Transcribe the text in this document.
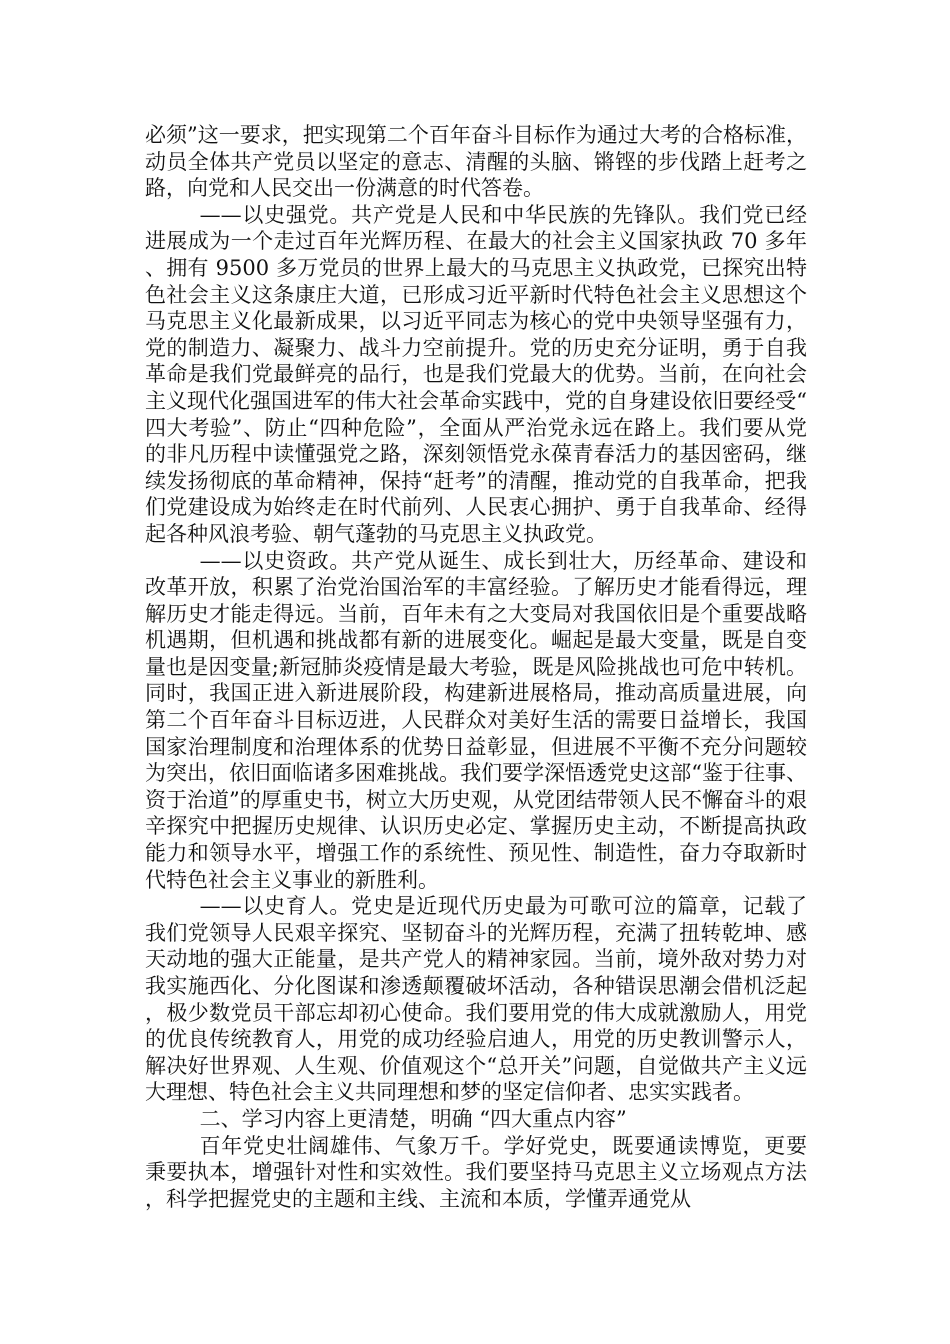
必须”这一要求，把实现第二个百年奋斗目标作为通过大考的合格标准，动员全体共产党员以坚定的意志、清醒的头脑、锵铿的步伐踏上赶考之路，向党和人民交出一份满意的时代答卷。

——以史强党。共产党是人民和中华民族的先锋队。我们党已经进展成为一个走过百年光辉历程、在最大的社会主义国家执政 70 多年、拥有 9500 多万党员的世界上最大的马克思主义执政党，已探究出特色社会主义这条康庄大道，已形成习近平新时代特色社会主义思想这个马克思主义化最新成果，以习近平同志为核心的党中央领导坚强有力，党的制造力、凝聚力、战斗力空前提升。党的历史充分证明，勇于自我革命是我们党最鲜亮的品行，也是我们党最大的优势。当前，在向社会主义现代化强国进军的伟大社会革命实践中，党的自身建设依旧要经受“四大考验”、防止“四种危险”，全面从严治党永远在路上。我们要从党的非凡历程中读懂强党之路，深刻领悟党永葆青春活力的基因密码，继续发扬彻底的革命精神，保持“赶考”的清醒，推动党的自我革命，把我们党建设成为始终走在时代前列、人民衷心拥护、勇于自我革命、经得起各种风浪考验、朝气蓬勃的马克思主义执政党。

——以史资政。共产党从诞生、成长到壮大，历经革命、建设和改革开放，积累了治党治国治军的丰富经验。了解历史才能看得远，理解历史才能走得远。当前，百年未有之大变局对我国依旧是个重要战略机遇期，但机遇和挑战都有新的进展变化。崛起是最大变量，既是自变量也是因变量;新冠肺炎疫情是最大考验，既是风险挑战也可危中转机。同时，我国正进入新进展阶段，构建新进展格局，推动高质量进展，向第二个百年奋斗目标迈进，人民群众对美好生活的需要日益增长，我国国家治理制度和治理体系的优势日益彰显，但进展不平衡不充分问题较为突出，依旧面临诸多困难挑战。我们要学深悟透党史这部“鉴于往事、资于治道”的厚重史书，树立大历史观，从党团结带领人民不懈奋斗的艰辛探究中把握历史规律、认识历史必定、掌握历史主动，不断提高执政能力和领导水平，增强工作的系统性、预见性、制造性，奋力夺取新时代特色社会主义事业的新胜利。

——以史育人。党史是近现代历史最为可歌可泣的篇章，记载了我们党领导人民艰辛探究、坚韧奋斗的光辉历程，充满了扭转乾坤、感天动地的强大正能量，是共产党人的精神家园。当前，境外敌对势力对我实施西化、分化图谋和渗透颠覆破坏活动，各种错误思潮会借机泛起，极少数党员干部忘却初心使命。我们要用党的伟大成就激励人，用党的优良传统教育人，用党的成功经验启迪人，用党的历史教训警示人，解决好世界观、人生观、价值观这个“总开关”问题，自觉做共产主义远大理想、特色社会主义共同理想和梦的坚定信仰者、忠实实践者。

二、学习内容上更清楚，明确 “四大重点内容”

百年党史壮阔雄伟、气象万千。学好党史，既要通读博览，更要秉要执本，增强针对性和实效性。我们要坚持马克思主义立场观点方法，科学把握党史的主题和主线、主流和本质，学懂弄通党从
